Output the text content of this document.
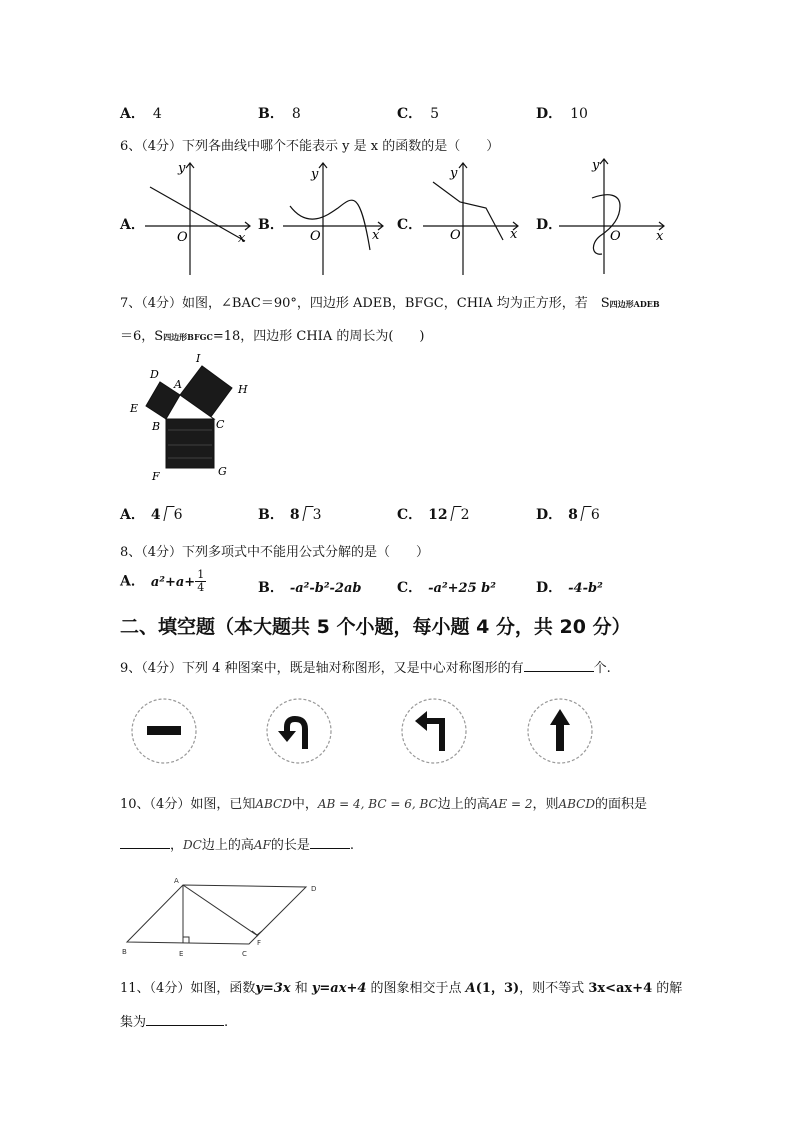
A． 4	B． 8	C． 5	D． 10
6、（4分）下列各曲线中哪个不能表示 y 是 x 的函数的是（　　）
A．	B．	C．	D．
y
x
O
y
x
O
y
x
O
y
x
O
7、（4分）如图，∠BAC＝90°，四边形 ADEB，BFGC，CHIA 均为正方形，若　S四边形ADEB
＝6，S四边形BFGC=18，四边形 CHIA 的周长为(　　)
D
A
I
H
E
B	C
F	G
A． 4 6	B． 8 3	C． 12 2	D． 8 6
8、（4分）下列多项式中不能用公式分解的是（　　）
A． $a^2+a+ \frac{1}{4}$	B． -a²-b²-2ab	C． -a²+25 b²	D． -4-b²
二、填空题（本大题共 5 个小题，每小题 4 分，共 20 分）
9、（4分）下列 4 种图案中，既是轴对称图形，又是中心对称图形的有	个.
10、（4分）如图，已知ABCD中，AB = 4, BC = 6, BC边上的高AE = 2，则ABCD的面积是
，DC边上的高AF的长是	.
A
D
B	E	C
F
11、（4分）如图，函数y=3x 和 y=ax+4 的图象相交于点 A(1，3)，则不等式 3x<ax+4 的解
集为	.
